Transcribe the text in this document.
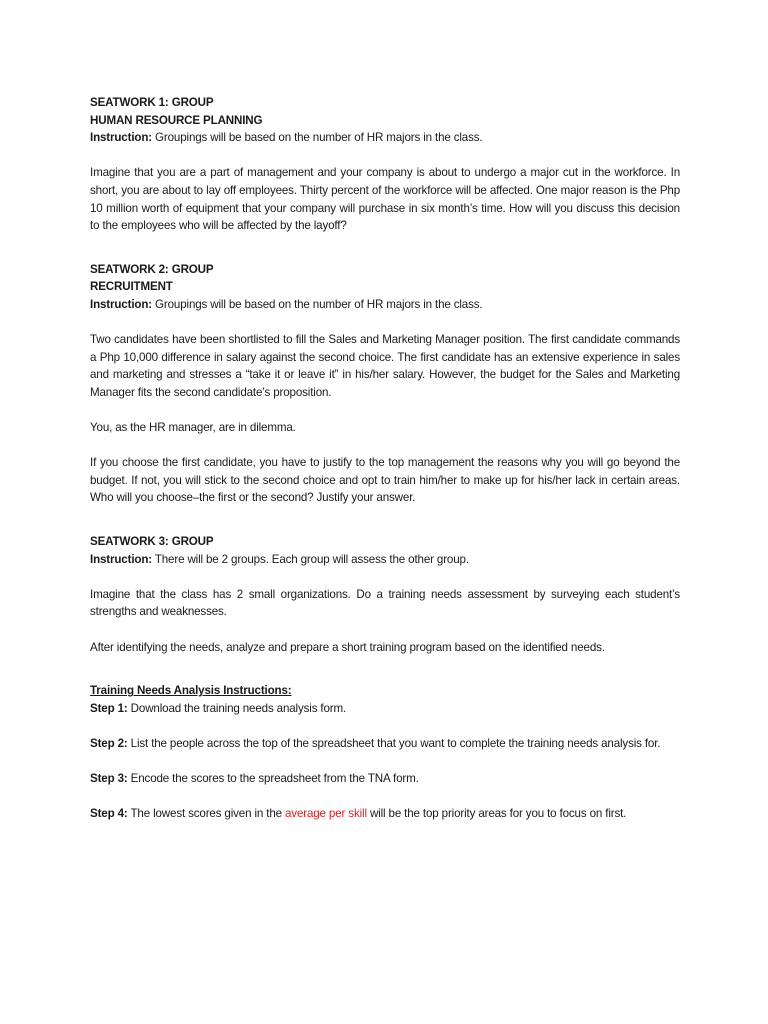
SEATWORK 1: GROUP
HUMAN RESOURCE PLANNING

Instruction: Groupings will be based on the number of HR majors in the class.

Imagine that you are a part of management and your company is about to undergo a major cut in the workforce. In short, you are about to lay off employees. Thirty percent of the workforce will be affected. One major reason is the Php 10 million worth of equipment that your company will purchase in six month’s time. How will you discuss this decision to the employees who will be affected by the layoff?

SEATWORK 2: GROUP
RECRUITMENT

Instruction: Groupings will be based on the number of HR majors in the class.

Two candidates have been shortlisted to fill the Sales and Marketing Manager position. The first candidate commands a Php 10,000 difference in salary against the second choice. The first candidate has an extensive experience in sales and marketing and stresses a “take it or leave it” in his/her salary. However, the budget for the Sales and Marketing Manager fits the second candidate’s proposition.

You, as the HR manager, are in dilemma.

If you choose the first candidate, you have to justify to the top management the reasons why you will go beyond the budget. If not, you will stick to the second choice and opt to train him/her to make up for his/her lack in certain areas. Who will you choose–the first or the second? Justify your answer.

SEATWORK 3: GROUP

Instruction: There will be 2 groups. Each group will assess the other group.

Imagine that the class has 2 small organizations. Do a training needs assessment by surveying each student’s strengths and weaknesses.

After identifying the needs, analyze and prepare a short training program based on the identified needs.

Training Needs Analysis Instructions:

Step 1: Download the training needs analysis form.

Step 2: List the people across the top of the spreadsheet that you want to complete the training needs analysis for.

Step 3: Encode the scores to the spreadsheet from the TNA form.

Step 4: The lowest scores given in the average per skill will be the top priority areas for you to focus on first.
